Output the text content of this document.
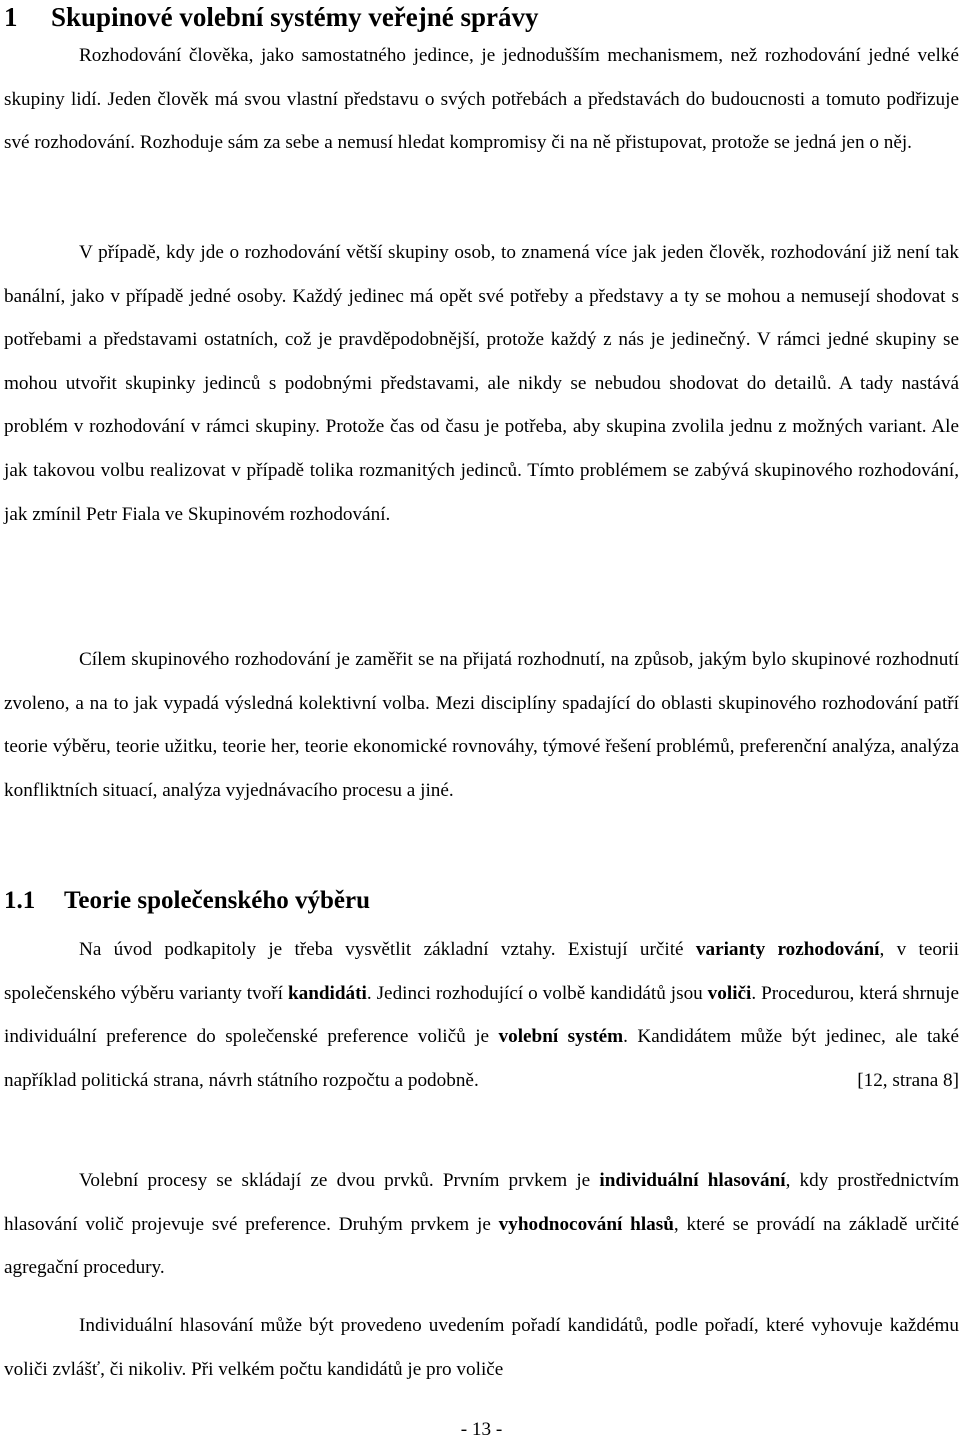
1 Skupinové volební systémy veřejné správy

Rozhodování člověka, jako samostatného jedince, je jednodušším mechanismem, než rozhodování jedné velké skupiny lidí. Jeden člověk má svou vlastní představu o svých potřebách a představách do budoucnosti a tomuto podřizuje své rozhodování. Rozhoduje sám za sebe a nemusí hledat kompromisy či na ně přistupovat, protože se jedná jen o něj.

V případě, kdy jde o rozhodování větší skupiny osob, to znamená více jak jeden člověk, rozhodování již není tak banální, jako v případě jedné osoby. Každý jedinec má opět své potřeby a představy a ty se mohou a nemusejí shodovat s potřebami a představami ostatních, což je pravděpodobnější, protože každý z nás je jedinečný. V rámci jedné skupiny se mohou utvořit skupinky jedinců s podobnými představami, ale nikdy se nebudou shodovat do detailů. A tady nastává problém v rozhodování v rámci skupiny. Protože čas od času je potřeba, aby skupina zvolila jednu z možných variant. Ale jak takovou volbu realizovat v případě tolika rozmanitých jedinců. Tímto problémem se zabývá skupinového rozhodování, jak zmínil Petr Fiala ve Skupinovém rozhodování.

Cílem skupinového rozhodování je zaměřit se na přijatá rozhodnutí, na způsob, jakým bylo skupinové rozhodnutí zvoleno, a na to jak vypadá výsledná kolektivní volba. Mezi disciplíny spadající do oblasti skupinového rozhodování patří teorie výběru, teorie užitku, teorie her, teorie ekonomické rovnováhy, týmové řešení problémů, preferenční analýza, analýza konfliktních situací, analýza vyjednávacího procesu a jiné.

1.1 Teorie společenského výběru

Na úvod podkapitoly je třeba vysvětlit základní vztahy. Existují určité varianty rozhodování, v teorii společenského výběru varianty tvoří kandidáti. Jedinci rozhodující o volbě kandidátů jsou voliči. Procedurou, která shrnuje individuální preference do společenské preference voličů je volební systém. Kandidátem může být jedinec, ale také například politická strana, návrh státního rozpočtu a podobně.	[12, strana 8]

Volební procesy se skládají ze dvou prvků. Prvním prvkem je individuální hlasování, kdy prostřednictvím hlasování volič projevuje své preference. Druhým prvkem je vyhodnocování hlasů, které se provádí na základě určité agregační procedury.

Individuální hlasování může být provedeno uvedením pořadí kandidátů, podle pořadí, které vyhovuje každému voliči zvlášť, či nikoliv. Při velkém počtu kandidátů je pro voliče

- 13 -
